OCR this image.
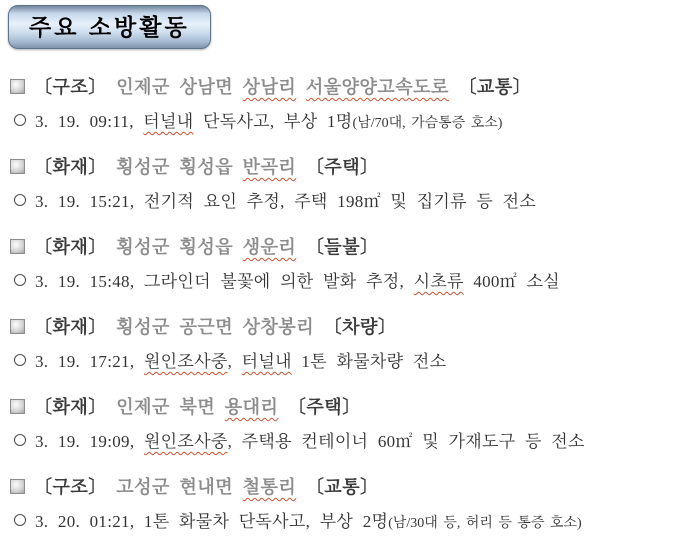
주요 소방활동
〔구조〕 인제군 상남면 상남리 서울양양고속도로 〔교통〕
3. 19. 09:11, 터널내 단독사고, 부상 1명(남/70대, 가슴통증 호소)
〔화재〕 횡성군 횡성읍 반곡리 〔주택〕
3. 19. 15:21, 전기적 요인 추정, 주택 198㎡ 및 집기류 등 전소
〔화재〕 횡성군 횡성읍 생운리 〔들불〕
3. 19. 15:48, 그라인더 불꽃에 의한 발화 추정, 시초류 400㎡ 소실
〔화재〕 횡성군 공근면 상창봉리 〔차량〕
3. 19. 17:21, 원인조사중, 터널내 1톤 화물차량 전소
〔화재〕 인제군 북면 용대리 〔주택〕
3. 19. 19:09, 원인조사중, 주택용 컨테이너 60㎡ 및 가재도구 등 전소
〔구조〕 고성군 현내면 철통리 〔교통〕
3. 20. 01:21, 1톤 화물차 단독사고, 부상 2명(남/30대 등, 허리 등 통증 호소)
